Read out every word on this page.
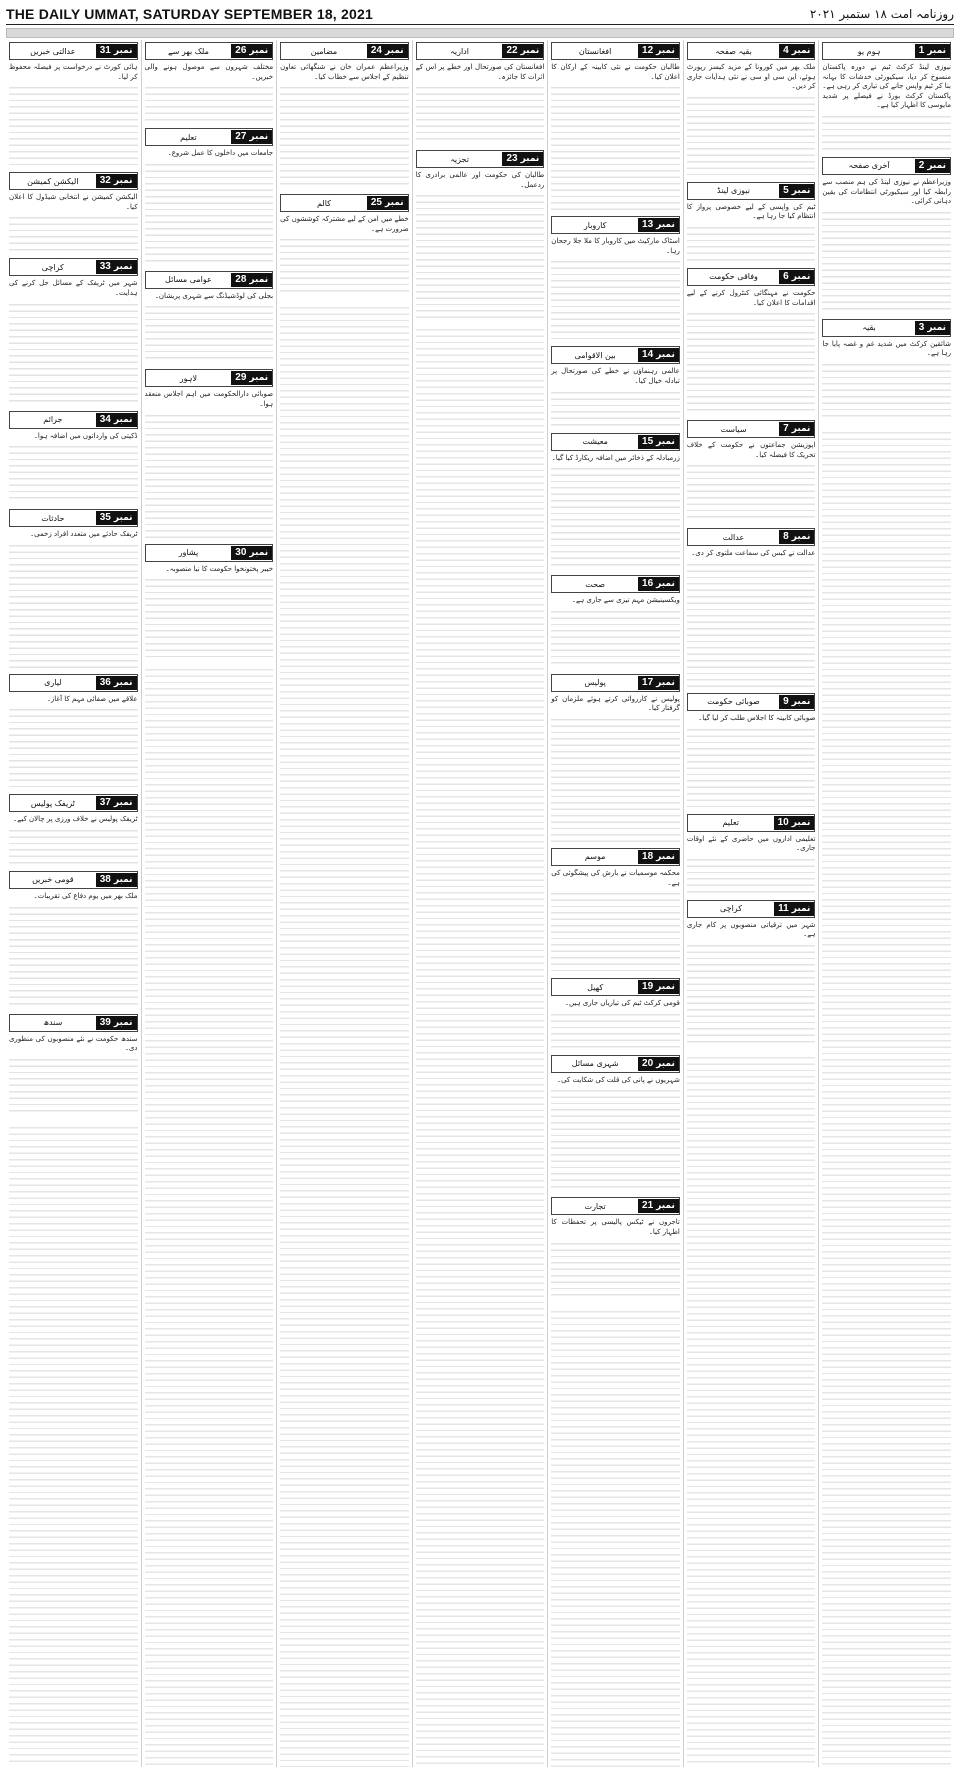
THE DAILY UMMAT, SATURDAY SEPTEMBER 18, 2021	روزنامہ امت ۱۸ ستمبر ۲۰۲۱
نمبر
1
ہوم یو
نیوزی لینڈ کرکٹ ٹیم نے دورہ پاکستان منسوخ کر دیا، سیکیورٹی خدشات کا بہانہ بنا کر ٹیم واپس جانے کی تیاری کر رہی ہے۔ پاکستان کرکٹ بورڈ نے فیصلے پر شدید مایوسی کا اظہار کیا ہے۔
نمبر
2
آخری صفحہ
وزیراعظم نے نیوزی لینڈ کی ہم منصب سے رابطہ کیا اور سیکیورٹی انتظامات کی یقین دہانی کرائی۔
نمبر
3
بقیہ
شائقین کرکٹ میں شدید غم و غصہ پایا جا رہا ہے۔
نمبر
4
بقیہ صفحہ
ملک بھر میں کورونا کے مزید کیسز رپورٹ ہوئے، این سی او سی نے نئی ہدایات جاری کر دیں۔
نمبر
5
نیوزی لینڈ
ٹیم کی واپسی کے لیے خصوصی پرواز کا انتظام کیا جا رہا ہے۔
نمبر
6
وفاقی حکومت
حکومت نے مہنگائی کنٹرول کرنے کے لیے اقدامات کا اعلان کیا۔
نمبر
7
سیاست
اپوزیشن جماعتوں نے حکومت کے خلاف تحریک کا فیصلہ کیا۔
نمبر
8
عدالت
عدالت نے کیس کی سماعت ملتوی کر دی۔
نمبر
9
صوبائی حکومت
صوبائی کابینہ کا اجلاس طلب کر لیا گیا۔
نمبر
10
تعلیم
تعلیمی اداروں میں حاضری کے نئے اوقات جاری۔
نمبر
11
کراچی
شہر میں ترقیاتی منصوبوں پر کام جاری ہے۔
نمبر
12
افغانستان
طالبان حکومت نے نئی کابینہ کے ارکان کا اعلان کیا۔
نمبر
13
کاروبار
اسٹاک مارکیٹ میں کاروبار کا ملا جلا رجحان رہا۔
نمبر
14
بین الاقوامی
عالمی رہنماؤں نے خطے کی صورتحال پر تبادلہ خیال کیا۔
نمبر
15
معیشت
زرمبادلہ کے ذخائر میں اضافہ ریکارڈ کیا گیا۔
نمبر
16
صحت
ویکسینیشن مہم تیزی سے جاری ہے۔
نمبر
17
پولیس
پولیس نے کارروائی کرتے ہوئے ملزمان کو گرفتار کیا۔
نمبر
18
موسم
محکمہ موسمیات نے بارش کی پیشگوئی کی ہے۔
نمبر
19
کھیل
قومی کرکٹ ٹیم کی تیاریاں جاری ہیں۔
نمبر
20
شہری مسائل
شہریوں نے پانی کی قلت کی شکایت کی۔
نمبر
21
تجارت
تاجروں نے ٹیکس پالیسی پر تحفظات کا اظہار کیا۔
نمبر
22
اداریہ
افغانستان کی صورتحال اور خطے پر اس کے اثرات کا جائزہ۔
نمبر
23
تجزیہ
طالبان کی حکومت اور عالمی برادری کا ردعمل۔
نمبر
24
مضامین
وزیراعظم عمران خان نے شنگھائی تعاون تنظیم کے اجلاس سے خطاب کیا۔
نمبر
25
کالم
خطے میں امن کے لیے مشترکہ کوششوں کی ضرورت ہے۔
نمبر
26
ملک بھر سے
مختلف شہروں سے موصول ہونے والی خبریں۔
نمبر
27
تعلیم
جامعات میں داخلوں کا عمل شروع۔
نمبر
28
عوامی مسائل
بجلی کی لوڈشیڈنگ سے شہری پریشان۔
نمبر
29
لاہور
صوبائی دارالحکومت میں اہم اجلاس منعقد ہوا۔
نمبر
30
پشاور
خیبر پختونخوا حکومت کا نیا منصوبہ۔
نمبر
31
عدالتی خبریں
ہائی کورٹ نے درخواست پر فیصلہ محفوظ کر لیا۔
نمبر
32
الیکشن کمیشن
الیکشن کمیشن نے انتخابی شیڈول کا اعلان کیا۔
نمبر
33
کراچی
شہر میں ٹریفک کے مسائل حل کرنے کی ہدایت۔
نمبر
34
جرائم
ڈکیتی کی وارداتوں میں اضافہ ہوا۔
نمبر
35
حادثات
ٹریفک حادثے میں متعدد افراد زخمی۔
نمبر
36
لیاری
علاقے میں صفائی مہم کا آغاز۔
نمبر
37
ٹریفک پولیس
ٹریفک پولیس نے خلاف ورزی پر چالان کیے۔
نمبر
38
قومی خبریں
ملک بھر میں یوم دفاع کی تقریبات۔
نمبر
39
سندھ
سندھ حکومت نے نئے منصوبوں کی منظوری دی۔
